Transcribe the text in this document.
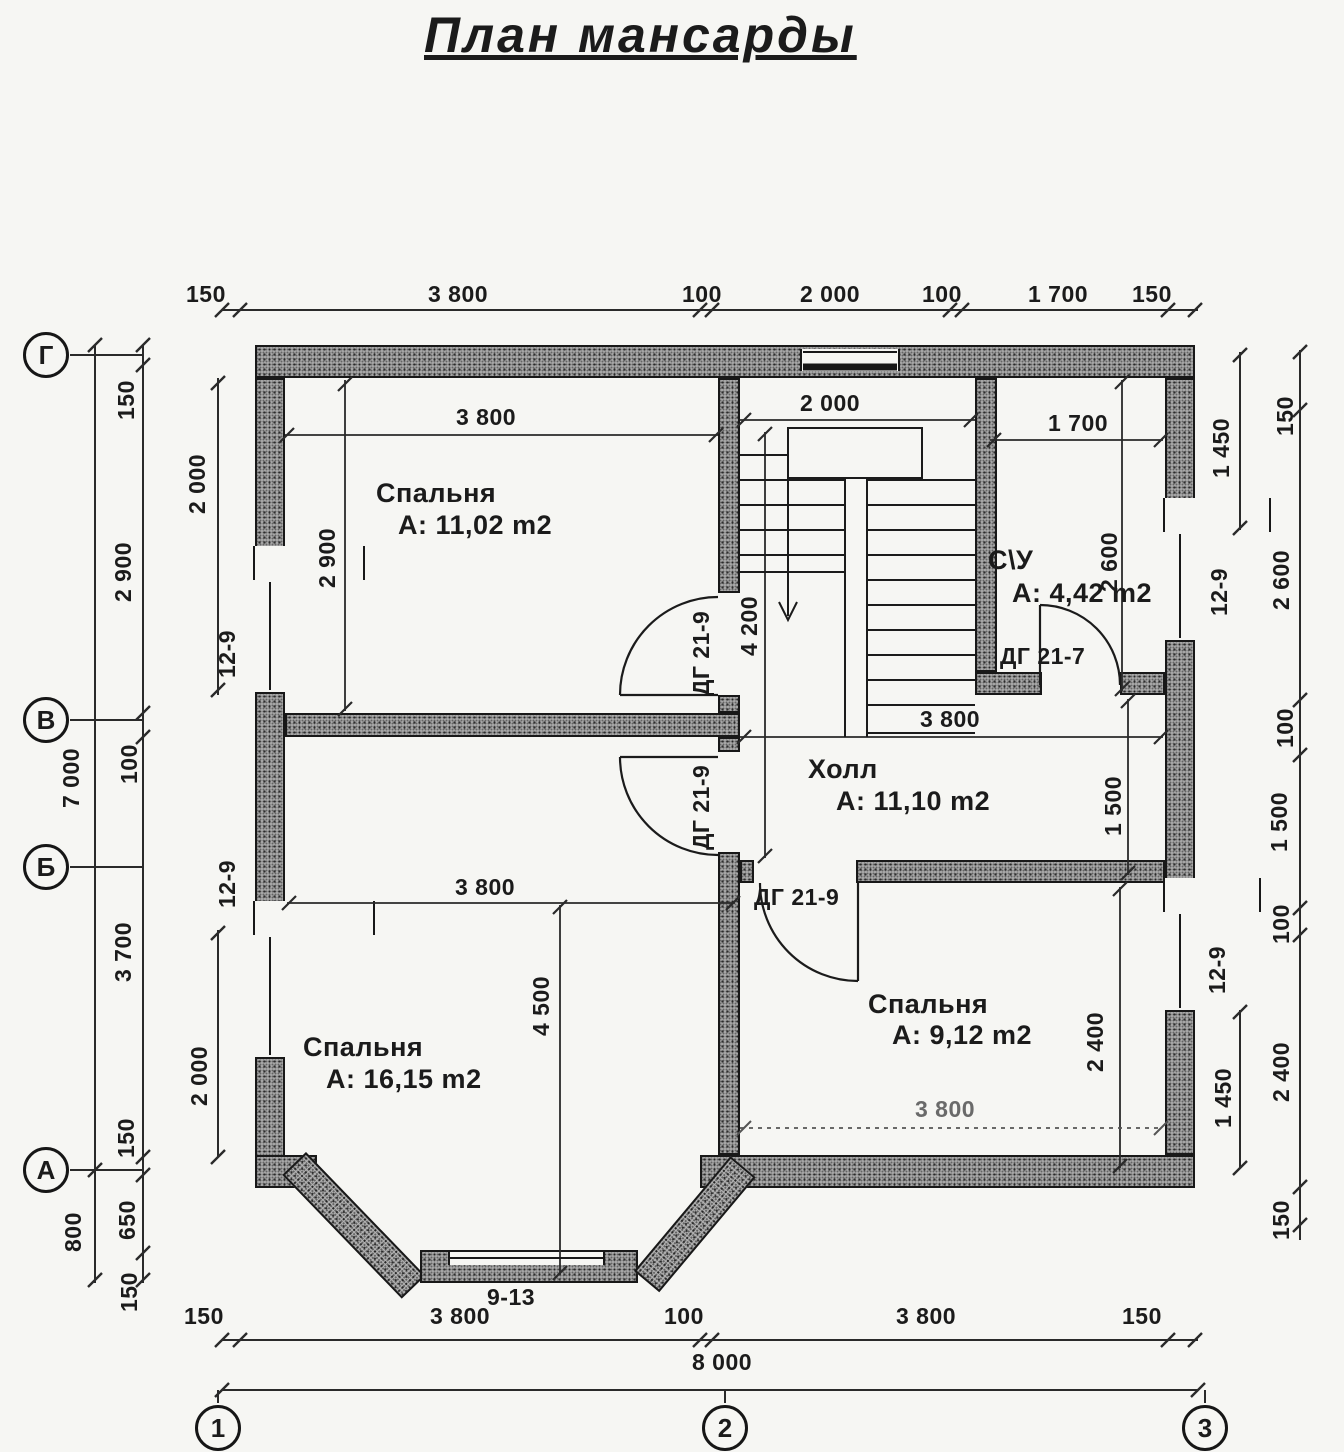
План мансарды
Г
В
Б
А
1	2	3
150	3 800	100	2 000	100	1 700 150
9-13
150	3 800	100	3 800	150
8 000
7 000
800
150
2 900
100
3 700
150
650
150
2 000
2 000
12-9
12-9
1 450
12-9
12-9
1 450
150
2 600
100
1 500
100
2 400
150
3 800
2 900
2 000
4 200
1 700
2 600
3 800
1 500
3 800
4 500
2 400
3 800
ДГ 21-9
ДГ 21-9
ДГ 21-9
ДГ 21-7
Спальня
A: 11,02 m2
С\У
A: 4,42 m2
Холл
A: 11,10 m2
Спальня
A: 16,15 m2
Спальня
A: 9,12 m2
